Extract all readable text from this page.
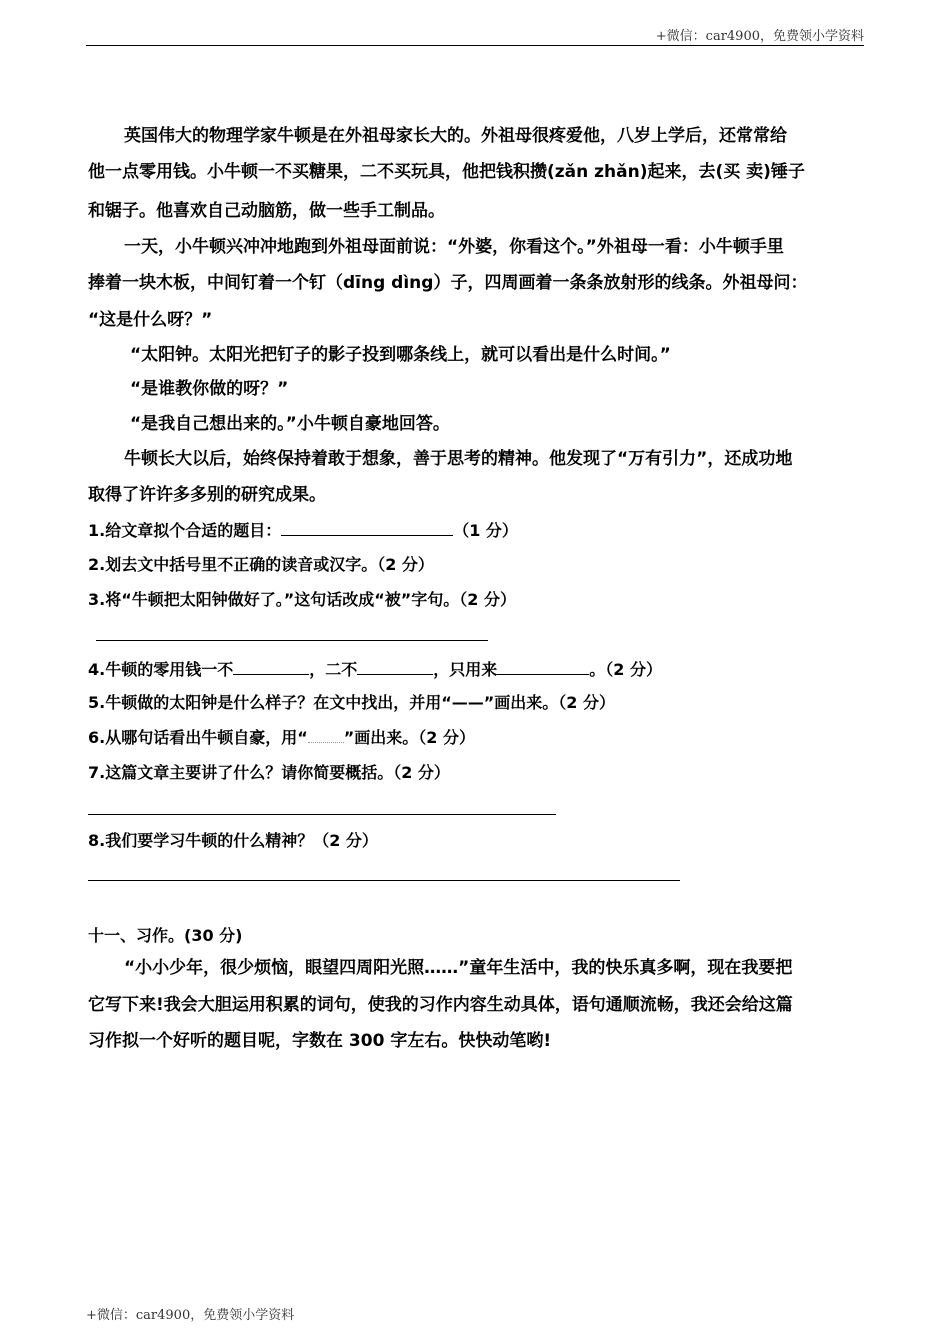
+微信：car4900，免费领小学资料
英国伟大的物理学家牛顿是在外祖母家长大的。外祖母很疼爱他，八岁上学后，还常常给
他一点零用钱。小牛顿一不买糖果，二不买玩具，他把钱积攒(zǎn zhǎn)起来，去(买 卖)锤子
和锯子。他喜欢自己动脑筋，做一些手工制品。
一天，小牛顿兴冲冲地跑到外祖母面前说：“外婆，你看这个。”外祖母一看：小牛顿手里
捧着一块木板，中间钉着一个钉（dīng dìng）子，四周画着一条条放射形的线条。外祖母问：
“这是什么呀？”
“太阳钟。太阳光把钉子的影子投到哪条线上，就可以看出是什么时间。”
“是谁教你做的呀？”
“是我自己想出来的。”小牛顿自豪地回答。
牛顿长大以后，始终保持着敢于想象，善于思考的精神。他发现了“万有引力”，还成功地
取得了许许多多别的研究成果。
1.给文章拟个合适的题目：	（1 分）
2.划去文中括号里不正确的读音或汉字。（2 分）
3.将“牛顿把太阳钟做好了。”这句话改成“被”字句。（2 分）
4.牛顿的零用钱一不	，二不	，只用来	。（2 分）
5.牛顿做的太阳钟是什么样子？在文中找出，并用“——”画出来。（2 分）
6.从哪句话看出牛顿自豪，用“ ”画出来。（2 分）
7.这篇文章主要讲了什么？请你简要概括。（2 分）
8.我们要学习牛顿的什么精神？（2 分）
十一、习作。(30 分)
“小小少年，很少烦恼，眼望四周阳光照……”童年生活中，我的快乐真多啊，现在我要把
它写下来!我会大胆运用积累的词句，使我的习作内容生动具体，语句通顺流畅，我还会给这篇
习作拟一个好听的题目呢，字数在 300 字左右。快快动笔哟!
+微信：car4900，免费领小学资料
